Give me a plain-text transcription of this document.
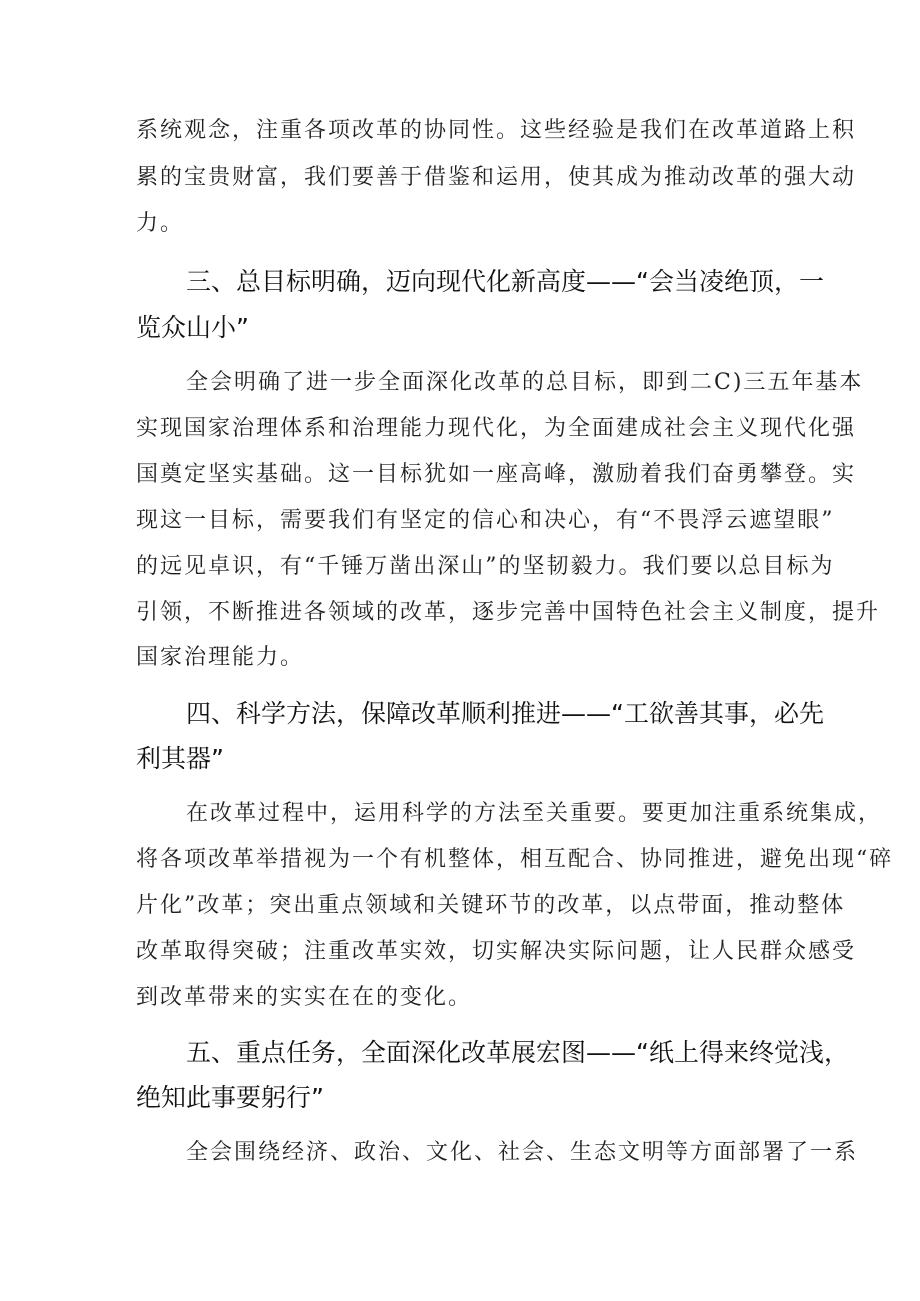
系统观念，注重各项改革的协同性。这些经验是我们在改革道路上积
累的宝贵财富，我们要善于借鉴和运用，使其成为推动改革的强大动
力。
三、总目标明确，迈向现代化新高度——“会当凌绝顶，一
览众山小”
全会明确了进一步全面深化改革的总目标，即到二C)三五年基本
实现国家治理体系和治理能力现代化，为全面建成社会主义现代化强
国奠定坚实基础。这一目标犹如一座高峰，激励着我们奋勇攀登。实
现这一目标，需要我们有坚定的信心和决心，有“不畏浮云遮望眼”
的远见卓识，有“千锤万凿出深山”的坚韧毅力。我们要以总目标为
引领，不断推进各领域的改革，逐步完善中国特色社会主义制度，提升
国家治理能力。
四、科学方法，保障改革顺利推进——“工欲善其事，必先
利其器”
在改革过程中，运用科学的方法至关重要。要更加注重系统集成，
将各项改革举措视为一个有机整体，相互配合、协同推进，避免出现“碎
片化”改革；突出重点领域和关键环节的改革，以点带面，推动整体
改革取得突破；注重改革实效，切实解决实际问题，让人民群众感受
到改革带来的实实在在的变化。
五、重点任务，全面深化改革展宏图——“纸上得来终觉浅，
绝知此事要躬行”
全会围绕经济、政治、文化、社会、生态文明等方面部署了一系
